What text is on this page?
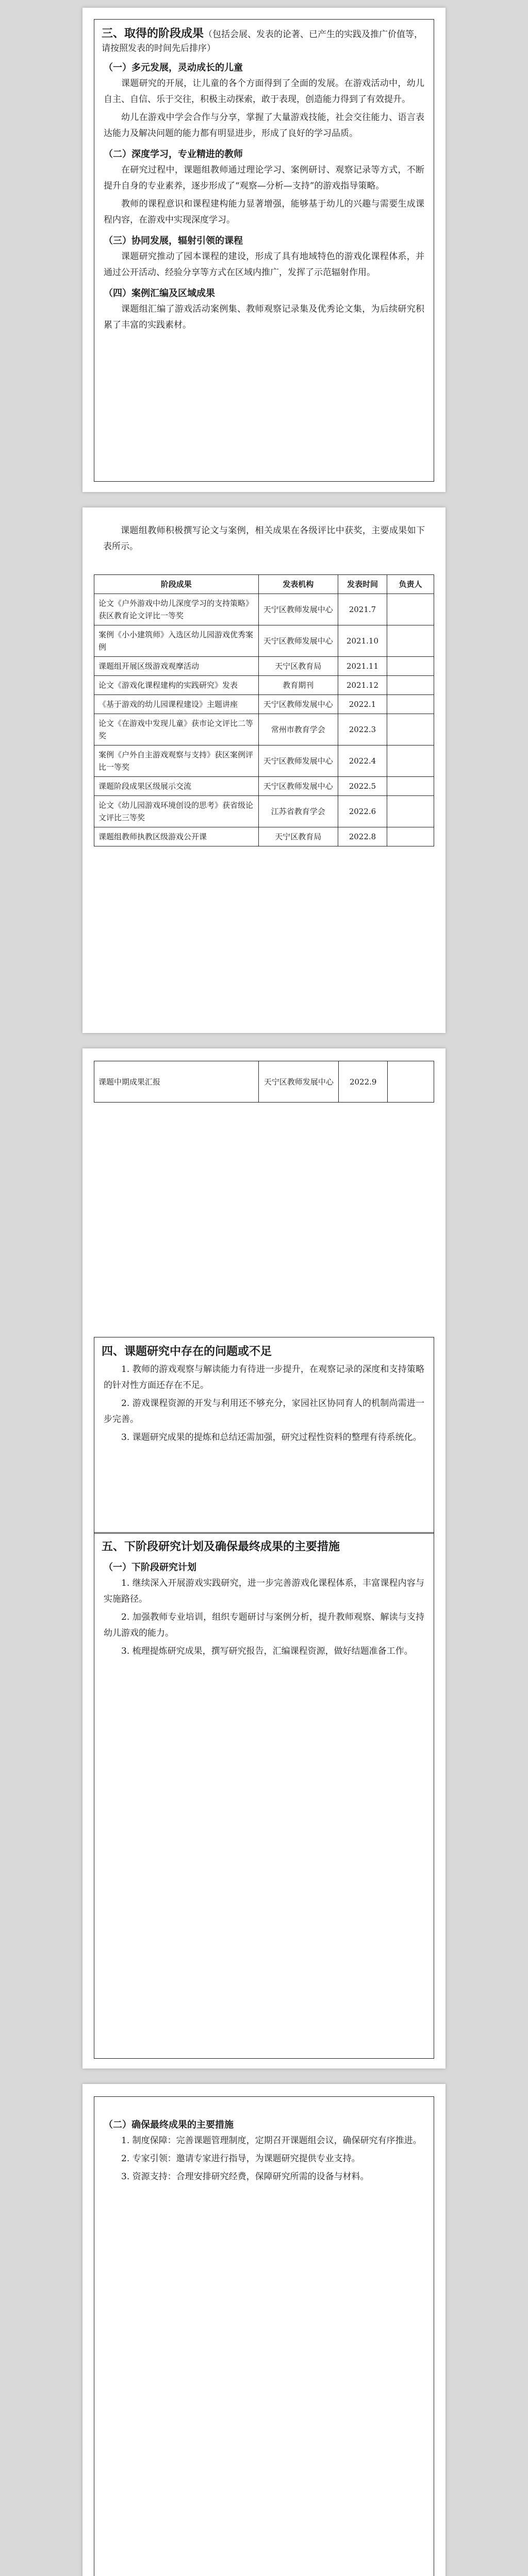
三、取得的阶段成果（包括会展、发表的论著、已产生的实践及推广价值等，请按照发表的时间先后排序）
（一）多元发展，灵动成长的儿童
课题研究的开展，让儿童的各个方面得到了全面的发展。在游戏活动中，幼儿自主、自信、乐于交往，积极主动探索，敢于表现，创造能力得到了有效提升。
幼儿在游戏中学会合作与分享，掌握了大量游戏技能，社会交往能力、语言表达能力及解决问题的能力都有明显进步，形成了良好的学习品质。
（二）深度学习，专业精进的教师
在研究过程中，课题组教师通过理论学习、案例研讨、观察记录等方式，不断提升自身的专业素养，逐步形成了“观察—分析—支持”的游戏指导策略。
教师的课程意识和课程建构能力显著增强，能够基于幼儿的兴趣与需要生成课程内容，在游戏中实现深度学习。
（三）协同发展，辐射引领的课程
课题研究推动了园本课程的建设，形成了具有地域特色的游戏化课程体系，并通过公开活动、经验分享等方式在区域内推广，发挥了示范辐射作用。
（四）案例汇编及区域成果
课题组汇编了游戏活动案例集、教师观察记录集及优秀论文集，为后续研究积累了丰富的实践素材。
课题组教师积极撰写论文与案例，相关成果在各级评比中获奖，主要成果如下表所示。
阶段成果	发表机构	发表时间	负责人
论文《户外游戏中幼儿深度学习的支持策略》获区教育论文评比一等奖	天宁区教师发展中心	2021.7	
案例《小小建筑师》入选区幼儿园游戏优秀案例	天宁区教师发展中心	2021.10	
课题组开展区级游戏观摩活动	天宁区教育局	2021.11	
论文《游戏化课程建构的实践研究》发表	教育期刊	2021.12	
《基于游戏的幼儿园课程建设》主题讲座	天宁区教师发展中心	2022.1	
论文《在游戏中发现儿童》获市论文评比二等奖	常州市教育学会	2022.3	
案例《户外自主游戏观察与支持》获区案例评比一等奖	天宁区教师发展中心	2022.4	
课题阶段成果区级展示交流	天宁区教师发展中心	2022.5	
论文《幼儿园游戏环境创设的思考》获省级论文评比三等奖	江苏省教育学会	2022.6	
课题组教师执教区级游戏公开课	天宁区教育局	2022.8	
课题中期成果汇报	天宁区教师发展中心	2022.9	
四、课题研究中存在的问题或不足
1. 教师的游戏观察与解读能力有待进一步提升，在观察记录的深度和支持策略的针对性方面还存在不足。
2. 游戏课程资源的开发与利用还不够充分，家园社区协同育人的机制尚需进一步完善。
3. 课题研究成果的提炼和总结还需加强，研究过程性资料的整理有待系统化。
五、下阶段研究计划及确保最终成果的主要措施
（一）下阶段研究计划
1. 继续深入开展游戏实践研究，进一步完善游戏化课程体系，丰富课程内容与实施路径。
2. 加强教师专业培训，组织专题研讨与案例分析，提升教师观察、解读与支持幼儿游戏的能力。
3. 梳理提炼研究成果，撰写研究报告，汇编课程资源，做好结题准备工作。
（二）确保最终成果的主要措施
1. 制度保障：完善课题管理制度，定期召开课题组会议，确保研究有序推进。
2. 专家引领：邀请专家进行指导，为课题研究提供专业支持。
3. 资源支持：合理安排研究经费，保障研究所需的设备与材料。
